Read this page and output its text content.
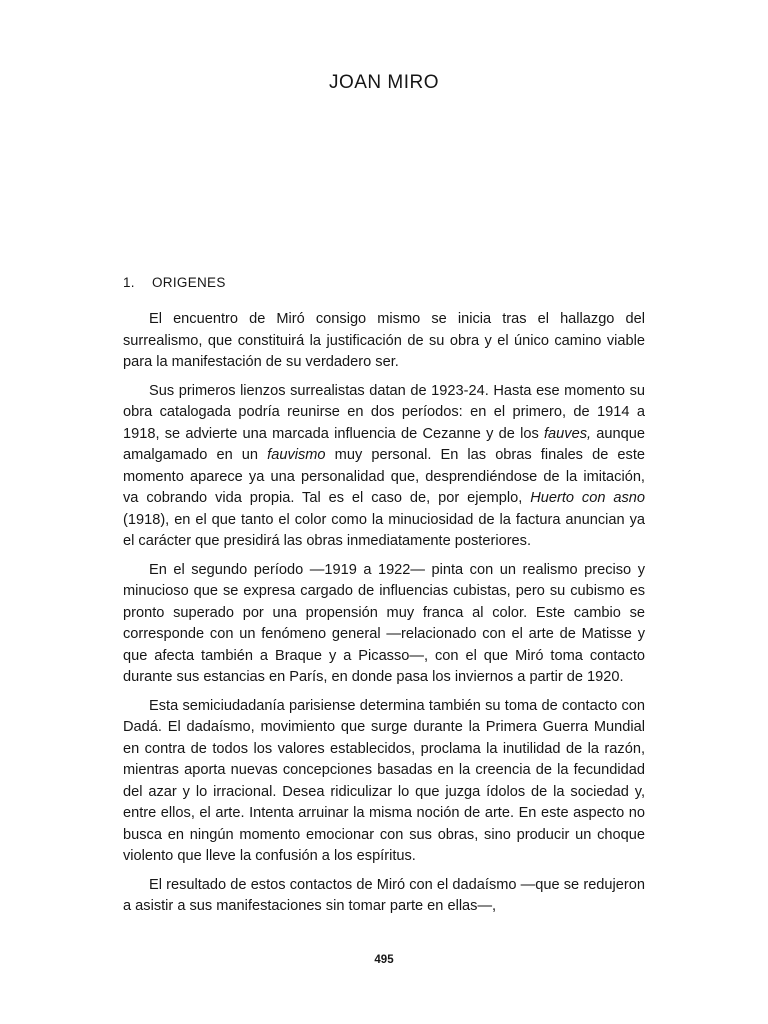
JOAN MIRO
1. ORIGENES

El encuentro de Miró consigo mismo se inicia tras el hallazgo del surrealismo, que constituirá la justificación de su obra y el único camino viable para la manifestación de su verdadero ser.

Sus primeros lienzos surrealistas datan de 1923-24. Hasta ese momento su obra catalogada podría reunirse en dos períodos: en el primero, de 1914 a 1918, se advierte una marcada influencia de Cezanne y de los fauves, aunque amalgamado en un fauvismo muy personal. En las obras finales de este momento aparece ya una personalidad que, desprendiéndose de la imitación, va cobrando vida propia. Tal es el caso de, por ejemplo, Huerto con asno (1918), en el que tanto el color como la minuciosidad de la factura anuncian ya el carácter que presidirá las obras inmediatamente posteriores.

En el segundo período —1919 a 1922— pinta con un realismo preciso y minucioso que se expresa cargado de influencias cubistas, pero su cubismo es pronto superado por una propensión muy franca al color. Este cambio se corresponde con un fenómeno general —relacionado con el arte de Matisse y que afecta también a Braque y a Picasso—, con el que Miró toma contacto durante sus estancias en París, en donde pasa los inviernos a partir de 1920.

Esta semiciudadanía parisiense determina también su toma de contacto con Dadá. El dadaísmo, movimiento que surge durante la Primera Guerra Mundial en contra de todos los valores establecidos, proclama la inutilidad de la razón, mientras aporta nuevas concepciones basadas en la creencia de la fecundidad del azar y lo irracional. Desea ridiculizar lo que juzga ídolos de la sociedad y, entre ellos, el arte. Intenta arruinar la misma noción de arte. En este aspecto no busca en ningún momento emocionar con sus obras, sino producir un choque violento que lleve la confusión a los espíritus.

El resultado de estos contactos de Miró con el dadaísmo —que se redujeron a asistir a sus manifestaciones sin tomar parte en ellas—,

495
